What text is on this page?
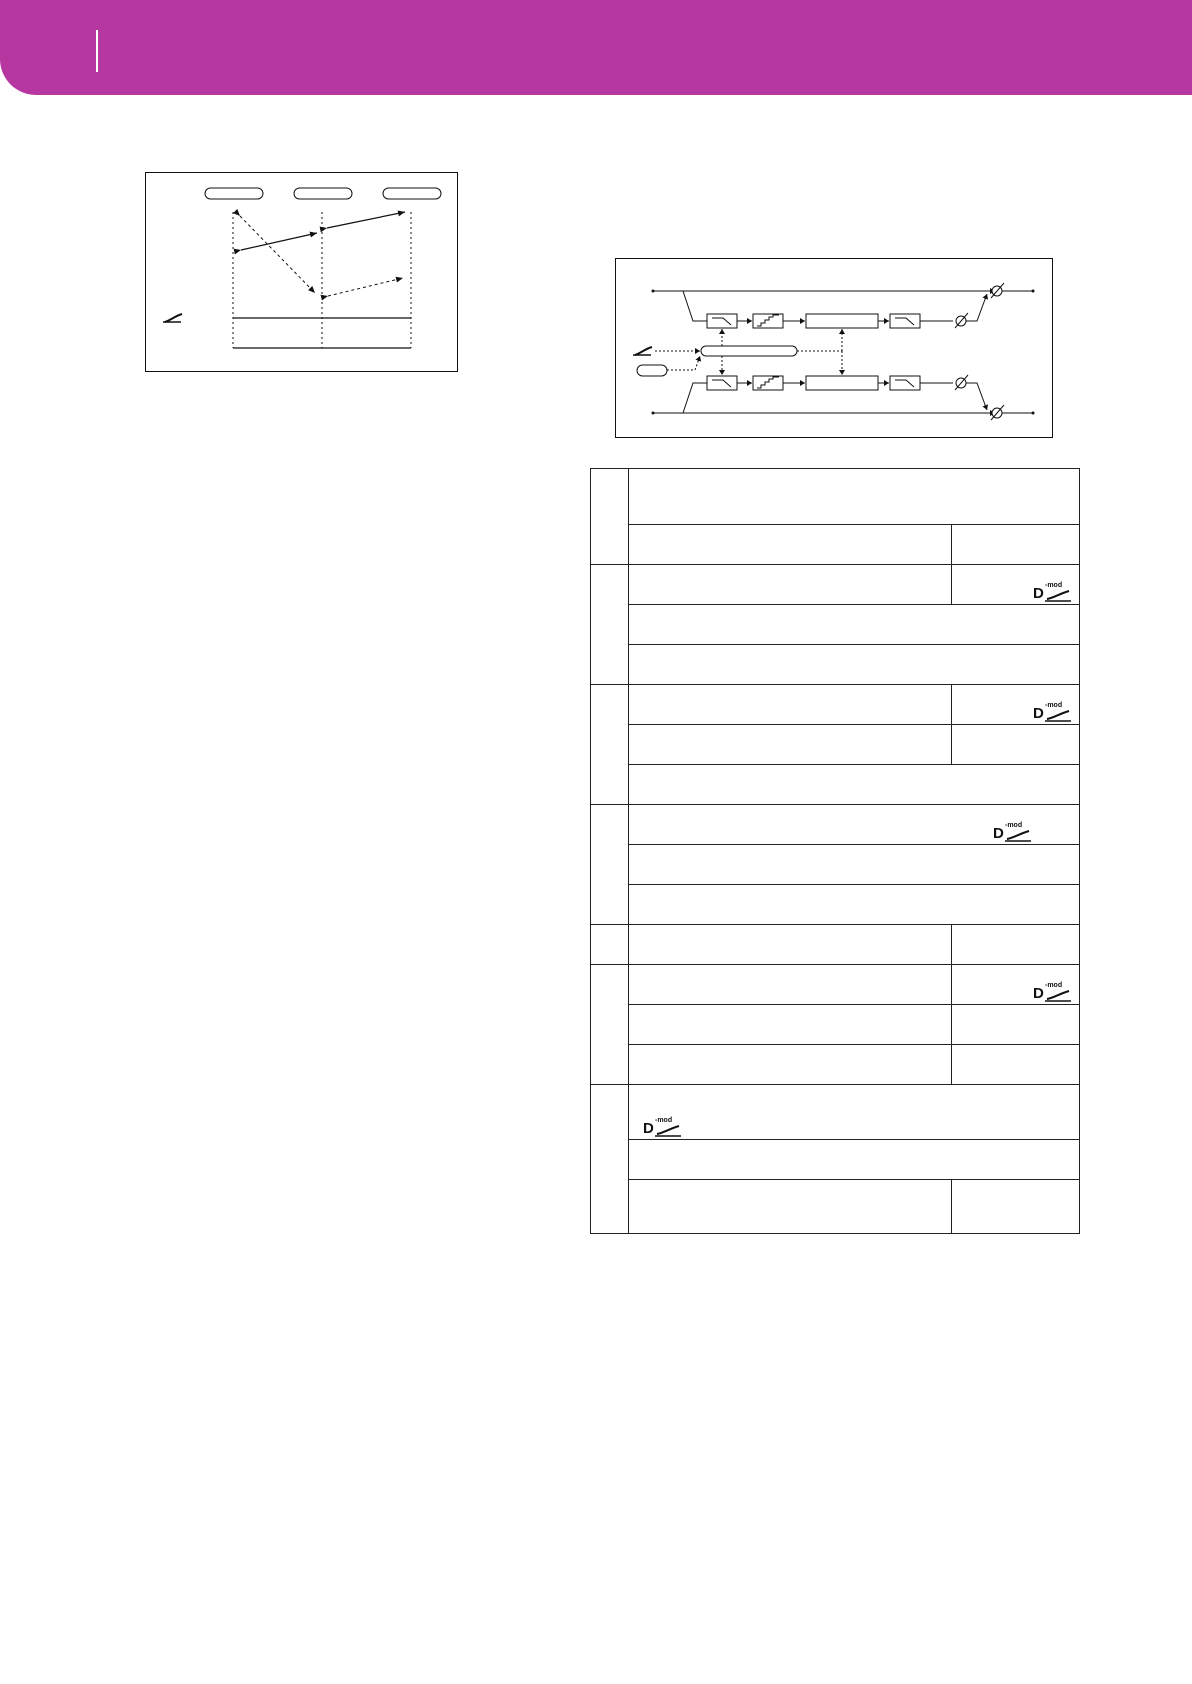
D -mod
D -mod
D -mod
D -mod
D -mod
